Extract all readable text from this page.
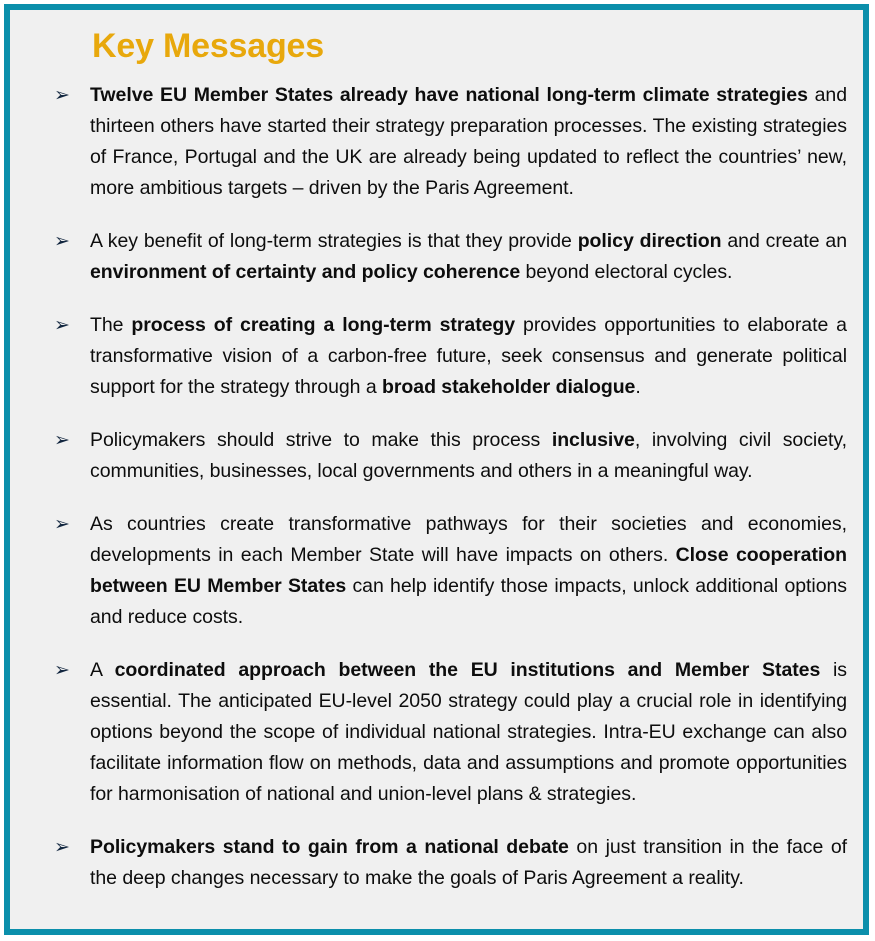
Key Messages
➢ Twelve EU Member States already have national long-term climate strategies and thirteen others have started their strategy preparation processes. The existing strategies of France, Portugal and the UK are already being updated to reflect the countries’ new, more ambitious targets – driven by the Paris Agreement.
➢ A key benefit of long-term strategies is that they provide policy direction and create an environment of certainty and policy coherence beyond electoral cycles.
➢ The process of creating a long-term strategy provides opportunities to elaborate a transformative vision of a carbon-free future, seek consensus and generate political support for the strategy through a broad stakeholder dialogue.
➢ Policymakers should strive to make this process inclusive, involving civil society, communities, businesses, local governments and others in a meaningful way.
➢ As countries create transformative pathways for their societies and economies, developments in each Member State will have impacts on others. Close cooperation between EU Member States can help identify those impacts, unlock additional options and reduce costs.
➢ A coordinated approach between the EU institutions and Member States is essential. The anticipated EU-level 2050 strategy could play a crucial role in identifying options beyond the scope of individual national strategies. Intra-EU exchange can also facilitate information flow on methods, data and assumptions and promote opportunities for harmonisation of national and union-level plans & strategies.
➢ Policymakers stand to gain from a national debate on just transition in the face of the deep changes necessary to make the goals of Paris Agreement a reality.
